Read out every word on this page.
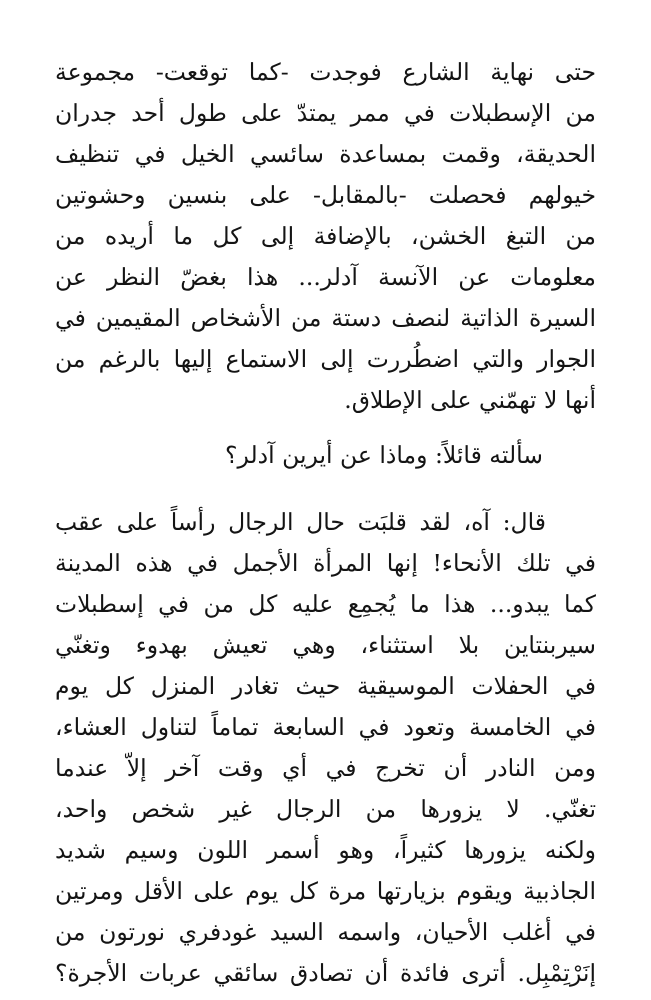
حتى نهاية الشارع فوجدت -كما توقعت- مجموعة
من الإسطبلات في ممر يمتدّ على طول أحد جدران
الحديقة، وقمت بمساعدة سائسي الخيل في تنظيف
خيولهم فحصلت -بالمقابل- على بنسين وحشوتين
من التبغ الخشن، بالإضافة إلى كل ما أريده من
معلومات عن الآنسة آدلر... هذا بغضّ النظر عن
السيرة الذاتية لنصف دستة من الأشخاص المقيمين في
الجوار والتي اضطُررت إلى الاستماع إليها بالرغم من
أنها لا تهمّني على الإطلاق.
سألته قائلاً: وماذا عن أيرين آدلر؟
قال: آه، لقد قلبَت حال الرجال رأساً على عقب
في تلك الأنحاء! إنها المرأة الأجمل في هذه المدينة
كما يبدو... هذا ما يُجمِع عليه كل من في إسطبلات
سيربنتاين بلا استثناء، وهي تعيش بهدوء وتغنّي
في الحفلات الموسيقية حيث تغادر المنزل كل يوم
في الخامسة وتعود في السابعة تماماً لتناول العشاء،
ومن النادر أن تخرج في أي وقت آخر إلاّ عندما
تغنّي. لا يزورها من الرجال غير شخص واحد،
ولكنه يزورها كثيراً، وهو أسمر اللون وسيم شديد
الجاذبية ويقوم بزيارتها مرة كل يوم على الأقل ومرتين
في أغلب الأحيان، واسمه السيد غودفري نورتون من
إنَرْتِمْبِل. أترى فائدة أن تصادق سائقي عربات الأجرة؟
